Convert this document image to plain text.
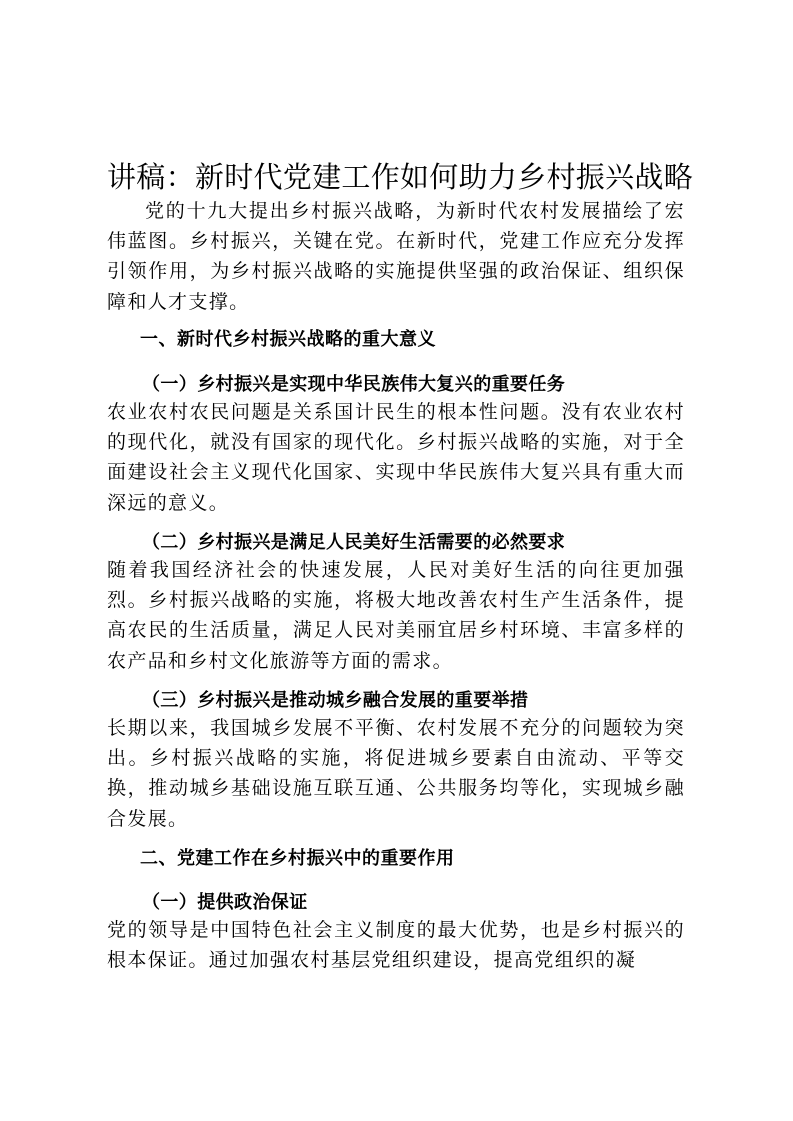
讲稿：新时代党建工作如何助力乡村振兴战略

党的十九大提出乡村振兴战略，为新时代农村发展描绘了宏伟蓝图。乡村振兴，关键在党。在新时代，党建工作应充分发挥引领作用，为乡村振兴战略的实施提供坚强的政治保证、组织保障和人才支撑。

一、新时代乡村振兴战略的重大意义
（一）乡村振兴是实现中华民族伟大复兴的重要任务

农业农村农民问题是关系国计民生的根本性问题。没有农业农村的现代化，就没有国家的现代化。乡村振兴战略的实施，对于全面建设社会主义现代化国家、实现中华民族伟大复兴具有重大而深远的意义。

（二）乡村振兴是满足人民美好生活需要的必然要求

随着我国经济社会的快速发展，人民对美好生活的向往更加强烈。乡村振兴战略的实施，将极大地改善农村生产生活条件，提高农民的生活质量，满足人民对美丽宜居乡村环境、丰富多样的农产品和乡村文化旅游等方面的需求。

（三）乡村振兴是推动城乡融合发展的重要举措

长期以来，我国城乡发展不平衡、农村发展不充分的问题较为突出。乡村振兴战略的实施，将促进城乡要素自由流动、平等交换，推动城乡基础设施互联互通、公共服务均等化，实现城乡融合发展。

二、党建工作在乡村振兴中的重要作用
（一）提供政治保证

党的领导是中国特色社会主义制度的最大优势，也是乡村振兴的根本保证。通过加强农村基层党组织建设，提高党组织的凝
